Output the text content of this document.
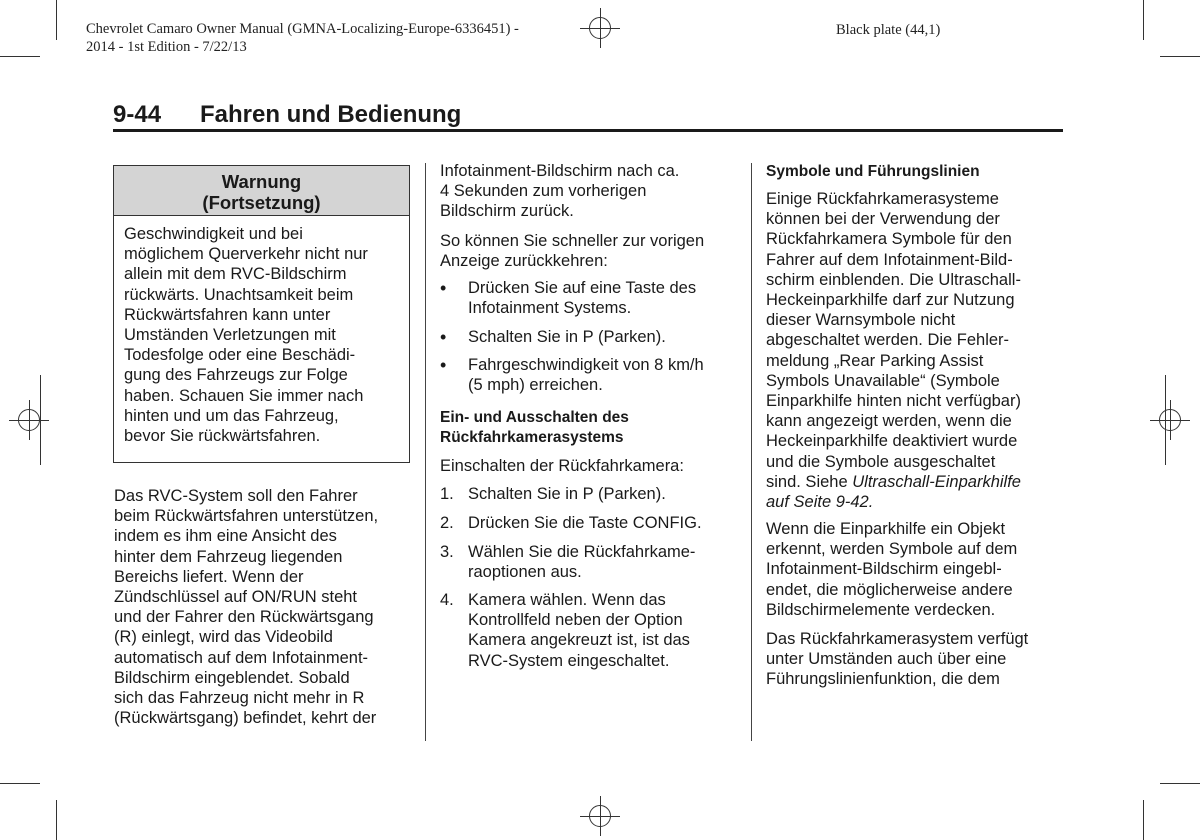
Chevrolet Camaro Owner Manual (GMNA-Localizing-Europe-6336451) -
2014 - 1st Edition - 7/22/13
Black plate (44,1)
9-44 Fahren und Bedienung
Warnung
(Fortsetzung)
Geschwindigkeit und bei
möglichem Querverkehr nicht nur
allein mit dem RVC-Bildschirm
rückwärts. Unachtsamkeit beim
Rückwärtsfahren kann unter
Umständen Verletzungen mit
Todesfolge oder eine Beschädi-
gung des Fahrzeugs zur Folge
haben. Schauen Sie immer nach
hinten und um das Fahrzeug,
bevor Sie rückwärtsfahren.
Das RVC-System soll den Fahrer
beim Rückwärtsfahren unterstützen,
indem es ihm eine Ansicht des
hinter dem Fahrzeug liegenden
Bereichs liefert. Wenn der
Zündschlüssel auf ON/RUN steht
und der Fahrer den Rückwärtsgang
(R) einlegt, wird das Videobild
automatisch auf dem Infotainment-
Bildschirm eingeblendet. Sobald
sich das Fahrzeug nicht mehr in R
(Rückwärtsgang) befindet, kehrt der
Infotainment-Bildschirm nach ca.
4 Sekunden zum vorherigen
Bildschirm zurück.
So können Sie schneller zur vorigen
Anzeige zurückkehren:
• Drücken Sie auf eine Taste des
Infotainment Systems.
• Schalten Sie in P (Parken).
• Fahrgeschwindigkeit von 8 km/h
(5 mph) erreichen.
Ein- und Ausschalten des
Rückfahrkamerasystems
Einschalten der Rückfahrkamera:
1. Schalten Sie in P (Parken).
2. Drücken Sie die Taste CONFIG.
3. Wählen Sie die Rückfahrkame-
raoptionen aus.
4. Kamera wählen. Wenn das
Kontrollfeld neben der Option
Kamera angekreuzt ist, ist das
RVC-System eingeschaltet.
Symbole und Führungslinien
Einige Rückfahrkamerasysteme
können bei der Verwendung der
Rückfahrkamera Symbole für den
Fahrer auf dem Infotainment-Bild-
schirm einblenden. Die Ultraschall-
Heckeinparkhilfe darf zur Nutzung
dieser Warnsymbole nicht
abgeschaltet werden. Die Fehler-
meldung „Rear Parking Assist
Symbols Unavailable“ (Symbole
Einparkhilfe hinten nicht verfügbar)
kann angezeigt werden, wenn die
Heckeinparkhilfe deaktiviert wurde
und die Symbole ausgeschaltet
sind. Siehe Ultraschall-Einparkhilfe
auf Seite 9-42.
Wenn die Einparkhilfe ein Objekt
erkennt, werden Symbole auf dem
Infotainment-Bildschirm eingebl-
endet, die möglicherweise andere
Bildschirmelemente verdecken.
Das Rückfahrkamerasystem verfügt
unter Umständen auch über eine
Führungslinienfunktion, die dem
